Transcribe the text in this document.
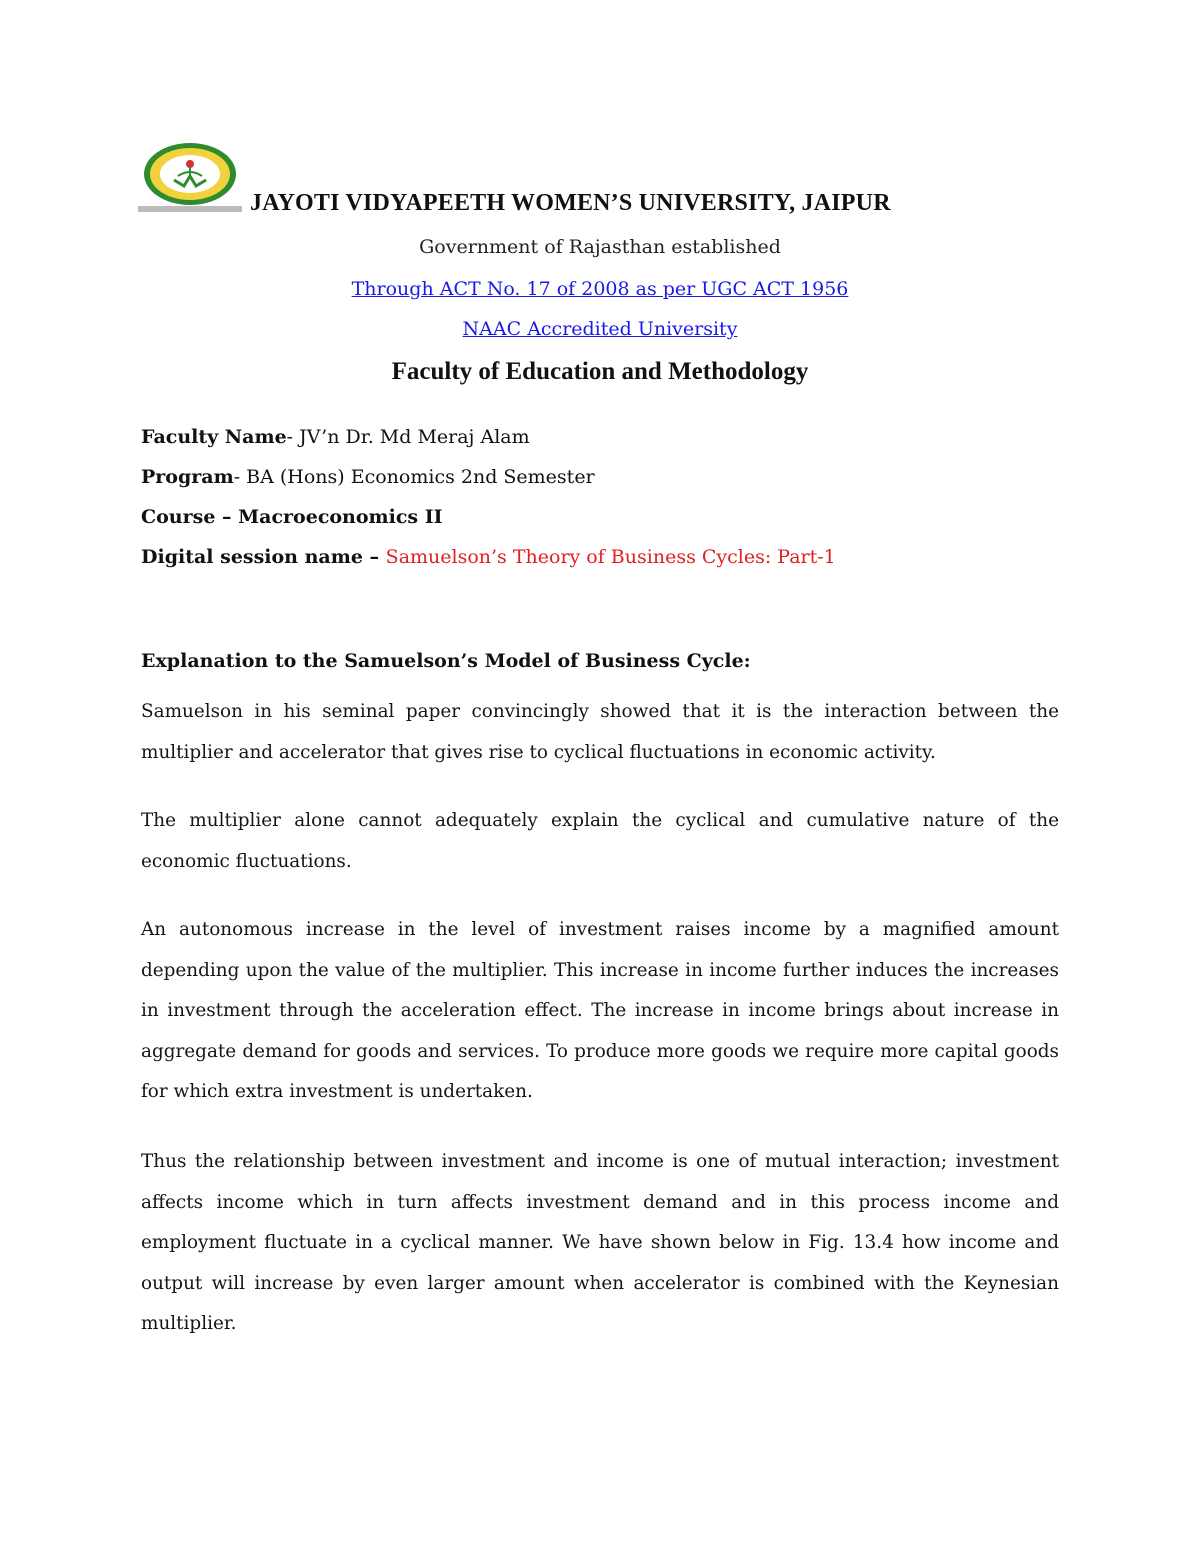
JAYOTI VIDYAPEETH WOMEN’S UNIVERSITY, JAIPUR
Government of Rajasthan established
Through ACT No. 17 of 2008 as per UGC ACT 1956
NAAC Accredited University
Faculty of Education and Methodology
Faculty Name- JV’n Dr. Md Meraj Alam
Program- BA (Hons) Economics 2nd Semester
Course – Macroeconomics II
Digital session name – Samuelson’s Theory of Business Cycles: Part-1
Explanation to the Samuelson’s Model of Business Cycle:
Samuelson in his seminal paper convincingly showed that it is the interaction between the multiplier and accelerator that gives rise to cyclical fluctuations in economic activity.
The multiplier alone cannot adequately explain the cyclical and cumulative nature of the economic fluctuations.
An autonomous increase in the level of investment raises income by a magnified amount depending upon the value of the multiplier. This increase in income further induces the increases in investment through the acceleration effect. The increase in income brings about increase in aggregate demand for goods and services. To produce more goods we require more capital goods for which extra investment is undertaken.
Thus the relationship between investment and income is one of mutual interaction; investment affects income which in turn affects investment demand and in this process income and employment fluctuate in a cyclical manner. We have shown below in Fig. 13.4 how income and output will increase by even larger amount when accelerator is combined with the Keynesian multiplier.
